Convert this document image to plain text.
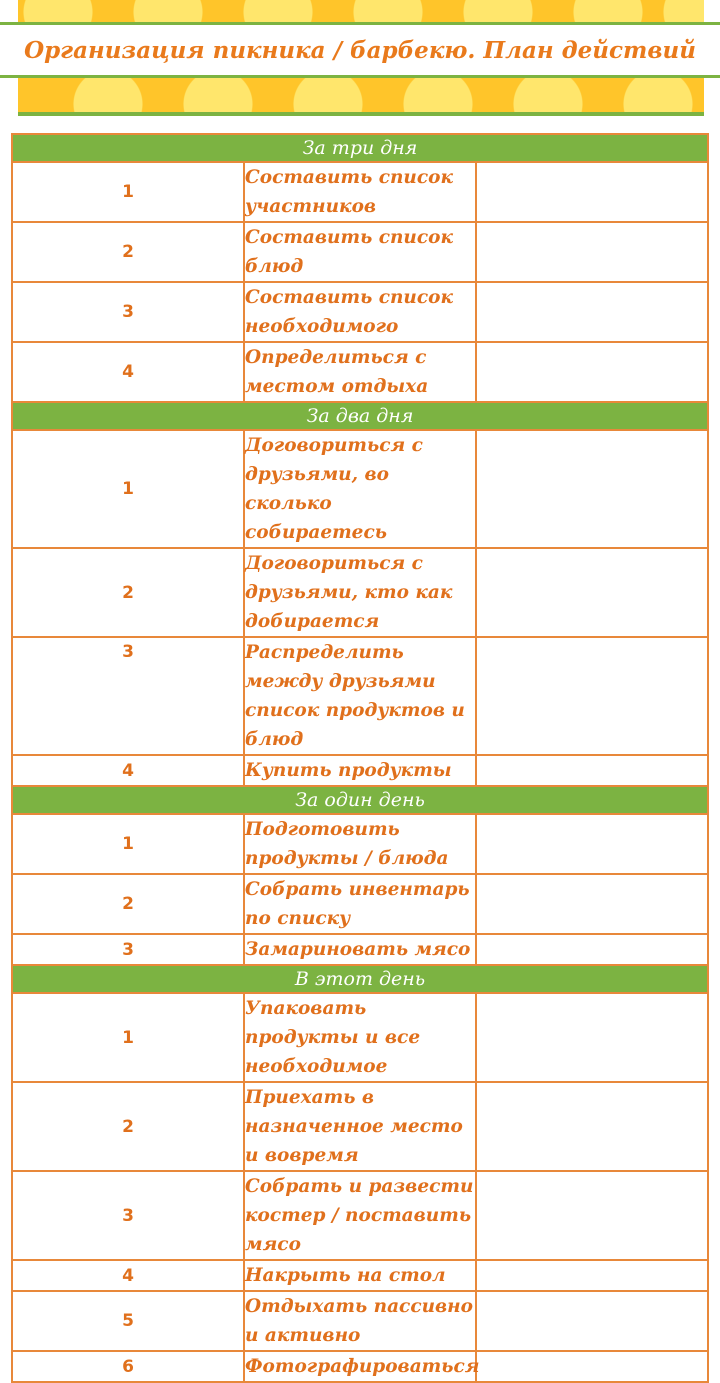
Организация пикника / барбекю. План действий
За три дня		
1	Составить список участников	
2	Составить список блюд	
3	Составить список необходимого	
4	Определиться с местом отдыха	
За два дня		
1	Договориться с друзьями, во сколько собираетесь	
2	Договориться с друзьями, кто как добирается	
3	Распределить между друзьями список продуктов и блюд	
4	Купить продукты	
За один день		
1	Подготовить продукты / блюда	
2	Собрать инвентарь по списку	
3	Замариновать мясо	
В этот день		
1	Упаковать продукты и все необходимое	
2	Приехать в назначенное место и вовремя	
3	Собрать и развести костер / поставить мясо	
4	Накрыть на стол	
5	Отдыхать пассивно и активно	
6	Фотографироваться	
